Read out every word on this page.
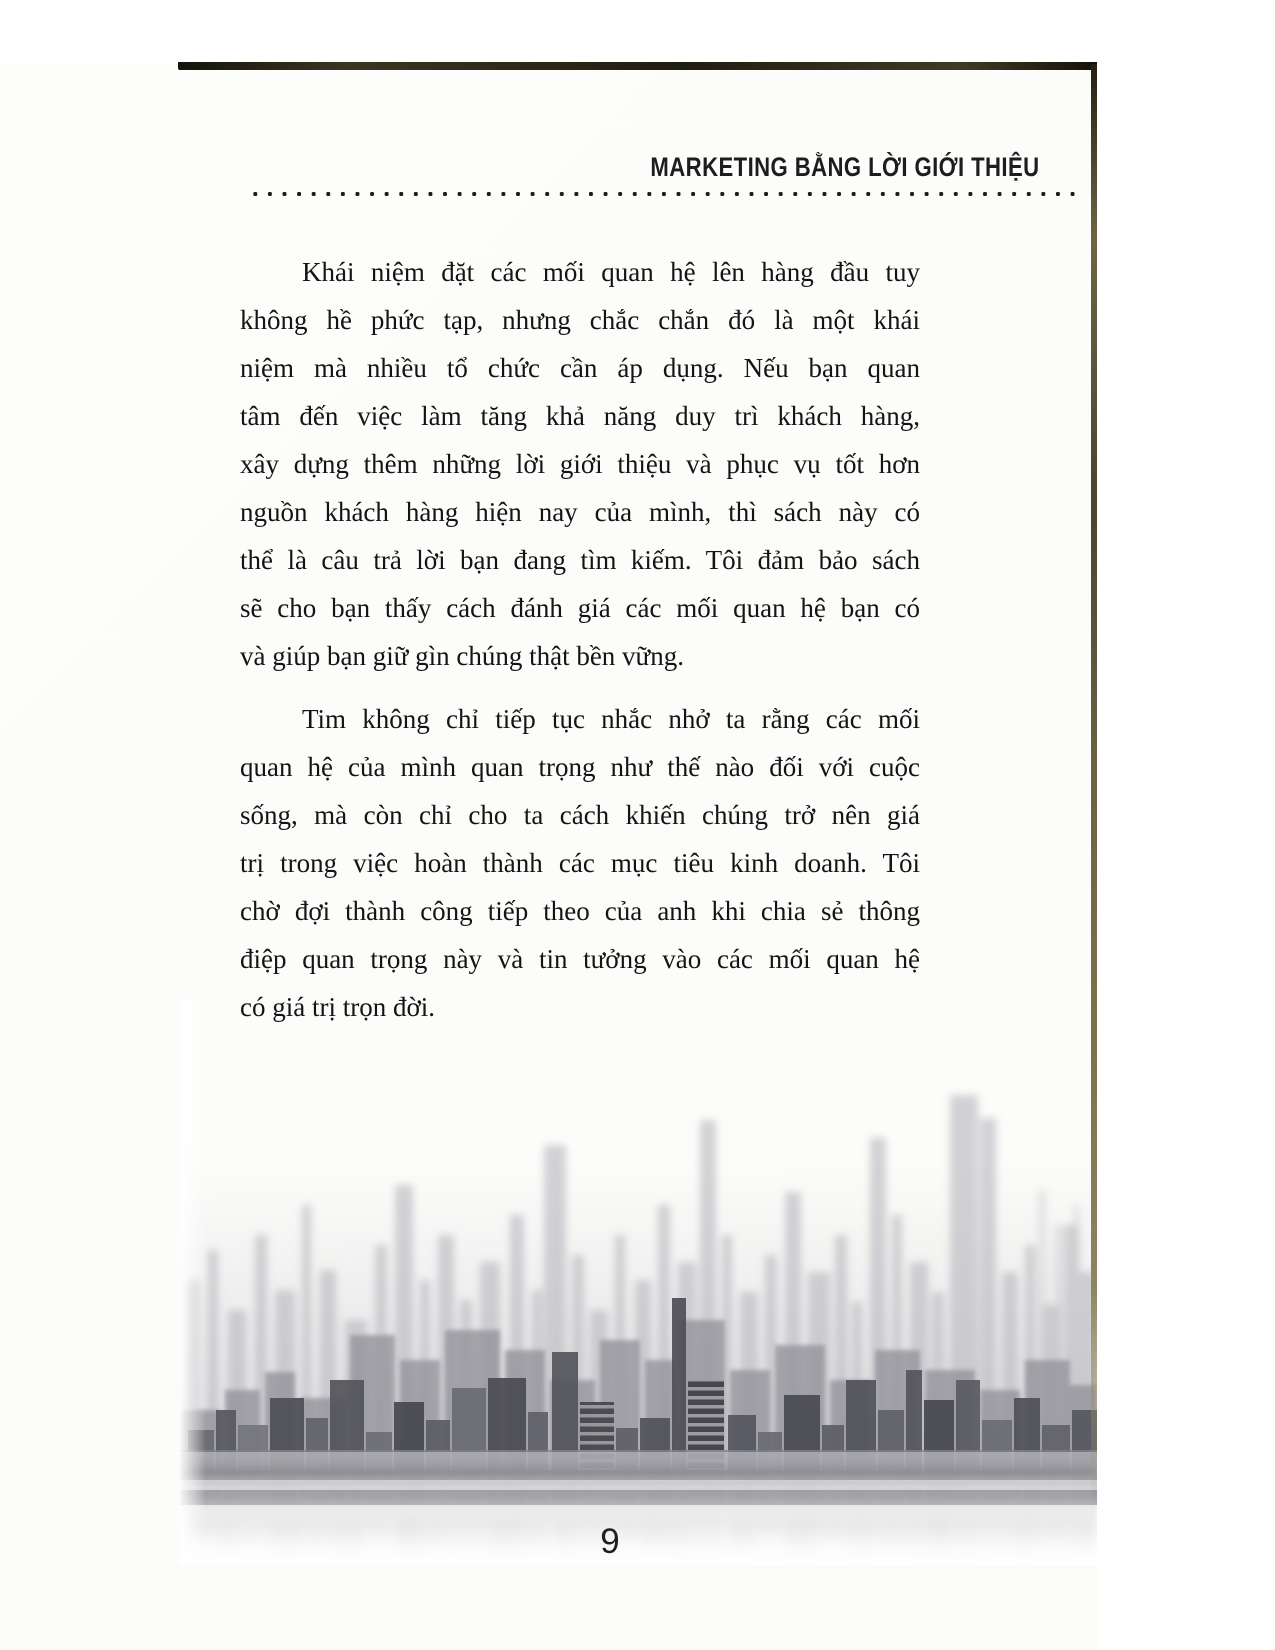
MARKETING BẰNG LỜI GIỚI THIỆU
Khái niệm đặt các mối quan hệ lên hàng đầu tuy
không hề phức tạp, nhưng chắc chắn đó là một khái
niệm mà nhiều tổ chức cần áp dụng. Nếu bạn quan
tâm đến việc làm tăng khả năng duy trì khách hàng,
xây dựng thêm những lời giới thiệu và phục vụ tốt hơn
nguồn khách hàng hiện nay của mình, thì sách này có
thể là câu trả lời bạn đang tìm kiếm. Tôi đảm bảo sách
sẽ cho bạn thấy cách đánh giá các mối quan hệ bạn có
và giúp bạn giữ gìn chúng thật bền vững.
Tim không chỉ tiếp tục nhắc nhở ta rằng các mối
quan hệ của mình quan trọng như thế nào đối với cuộc
sống, mà còn chỉ cho ta cách khiến chúng trở nên giá
trị trong việc hoàn thành các mục tiêu kinh doanh. Tôi
chờ đợi thành công tiếp theo của anh khi chia sẻ thông
điệp quan trọng này và tin tưởng vào các mối quan hệ
có giá trị trọn đời.
9
